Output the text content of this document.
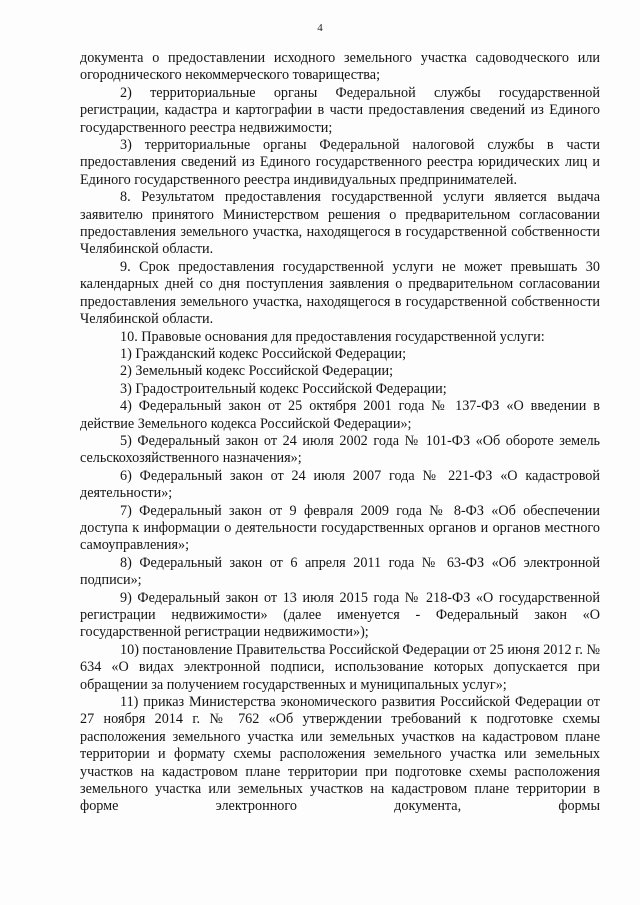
4

документа о предоставлении исходного земельного участка садоводческого или огороднического некоммерческого товарищества;

2) территориальные органы Федеральной службы государственной регистрации, кадастра и картографии в части предоставления сведений из Единого государственного реестра недвижимости;

3) территориальные органы Федеральной налоговой службы в части предоставления сведений из Единого государственного реестра юридических лиц и Единого государственного реестра индивидуальных предпринимателей.

8. Результатом предоставления государственной услуги является выдача заявителю принятого Министерством решения о предварительном согласовании предоставления земельного участка, находящегося в государственной собственности Челябинской области.

9. Срок предоставления государственной услуги не может превышать 30 календарных дней со дня поступления заявления о предварительном согласовании предоставления земельного участка, находящегося в государственной собственности Челябинской области.

10. Правовые основания для предоставления государственной услуги:

1) Гражданский кодекс Российской Федерации;

2) Земельный кодекс Российской Федерации;

3) Градостроительный кодекс Российской Федерации;

4) Федеральный закон от 25 октября 2001 года № 137-ФЗ «О введении в действие Земельного кодекса Российской Федерации»;

5) Федеральный закон от 24 июля 2002 года № 101-ФЗ «Об обороте земель сельскохозяйственного назначения»;

6) Федеральный закон от 24 июля 2007 года № 221-ФЗ «О кадастровой деятельности»;

7) Федеральный закон от 9 февраля 2009 года № 8-ФЗ «Об обеспечении доступа к информации о деятельности государственных органов и органов местного самоуправления»;

8) Федеральный закон от 6 апреля 2011 года № 63-ФЗ «Об электронной подписи»;

9) Федеральный закон от 13 июля 2015 года № 218-ФЗ «О государственной регистрации недвижимости» (далее именуется - Федеральный закон «О государственной регистрации недвижимости»);

10) постановление Правительства Российской Федерации от 25 июня 2012 г. № 634 «О видах электронной подписи, использование которых допускается при обращении за получением государственных и муниципальных услуг»;

11) приказ Министерства экономического развития Российской Федерации от 27 ноября 2014 г. № 762 «Об утверждении требований к подготовке схемы расположения земельного участка или земельных участков на кадастровом плане территории и формату схемы расположения земельного участка или земельных участков на кадастровом плане территории при подготовке схемы расположения земельного участка или земельных участков на кадастровом плане территории в форме электронного документа, формы
